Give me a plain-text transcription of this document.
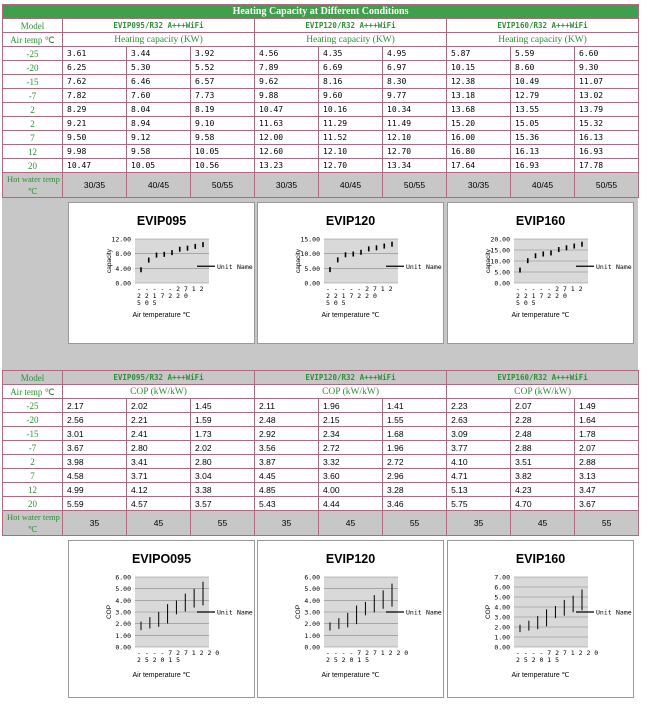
Heating Capacity at Different Conditions									
Model	EVIP095/R32 A+++WiFi			EVIP120/R32 A+++WiFi			EVIP160/R32 A+++WiFi		
Air temp ℃	Heating capacity (KW)			Heating capacity (KW)			Heating capacity (KW)		
-25	3.61	3.44	3.92	4.56	4.35	4.95	5.87	5.59	6.60
-20	6.25	5.30	5.52	7.89	6.69	6.97	10.15	8.60	9.30
-15	7.62	6.46	6.57	9.62	8.16	8.30	12.38	10.49	11.07
-7	7.82	7.60	7.73	9.88	9.60	9.77	13.18	12.79	13.02
2	8.29	8.04	8.19	10.47	10.16	10.34	13.68	13.55	13.79
2	9.21	8.94	9.10	11.63	11.29	11.49	15.20	15.05	15.32
7	9.50	9.12	9.58	12.00	11.52	12.10	16.00	15.36	16.13
12	9.98	9.58	10.05	12.60	12.10	12.70	16.80	16.13	16.93
20	10.47	10.05	10.56	13.23	12.70	13.34	17.64	16.93	17.78
Hot water temp
℃	30/35	40/45	50/55	30/35	40/45	50/55	30/35	40/45	50/55
EVIP095
12.00
8.00
4.00
0.00
capacity	Unit Name
- - - - - 2 7 1 2
2 2 1 7 2 2 0
5 0 5
Air temperature ℃
EVIP120
15.00
10.00
5.00
0.00
capacity	Unit Name
- - - - - 2 7 1 2
2 2 1 7 2 2 0
5 0 5
Air temperature ℃
EVIP160
20.00
15.00
10.00
5.00
0.00
capacity	Unit Name
- - - - - 2 7 1 2
2 2 1 7 2 2 0
5 0 5
Air temperature ℃
Model	EVIP095/R32 A+++WiFi			EVIP120/R32 A+++WiFi			EVIP160/R32 A+++WiFi		
Air temp ℃	COP (kW/kW)			COP (kW/kW)			COP (kW/kW)		
-25	2.17	2.02	1.45	2.11	1.96	1.41	2.23	2.07	1.49
-20	2.56	2.21	1.59	2.48	2.15	1.55	2.63	2.28	1.64
-15	3.01	2.41	1.73	2.92	2.34	1.68	3.09	2.48	1.78
-7	3.67	2.80	2.02	3.56	2.72	1.96	3.77	2.88	2.07
2	3.98	3.41	2.80	3.87	3.32	2.72	4.10	3.51	2.88
7	4.58	3.71	3.04	4.45	3.60	2.96	4.71	3.82	3.13
12	4.99	4.12	3.38	4.85	4.00	3.28	5.13	4.23	3.47
20	5.59	4.57	3.57	5.43	4.44	3.46	5.75	4.70	3.67
Hot water temp
℃	35	45	55	35	45	55	35	45	55
EVIPO095
6.00
5.00
4.00
3.00
2.00
1.00
0.00
COP	Unit Name
- - - - 7 2 7 1 2 2 0
2 5 2 0 1 5
Air temperature ℃
EVIP120
6.00
5.00
4.00
3.00
2.00
1.00
0.00
COP	Unit Name
- - - - 7 2 7 1 2 2 0
2 5 2 0 1 5
Air temperature ℃
EVIP160
7.00
6.00
5.00
4.00
3.00
2.00
1.00
0.00
COP	Unit Name
- - - - 7 2 7 1 2 2 0
2 5 2 0 1 5
Air temperature ℃
